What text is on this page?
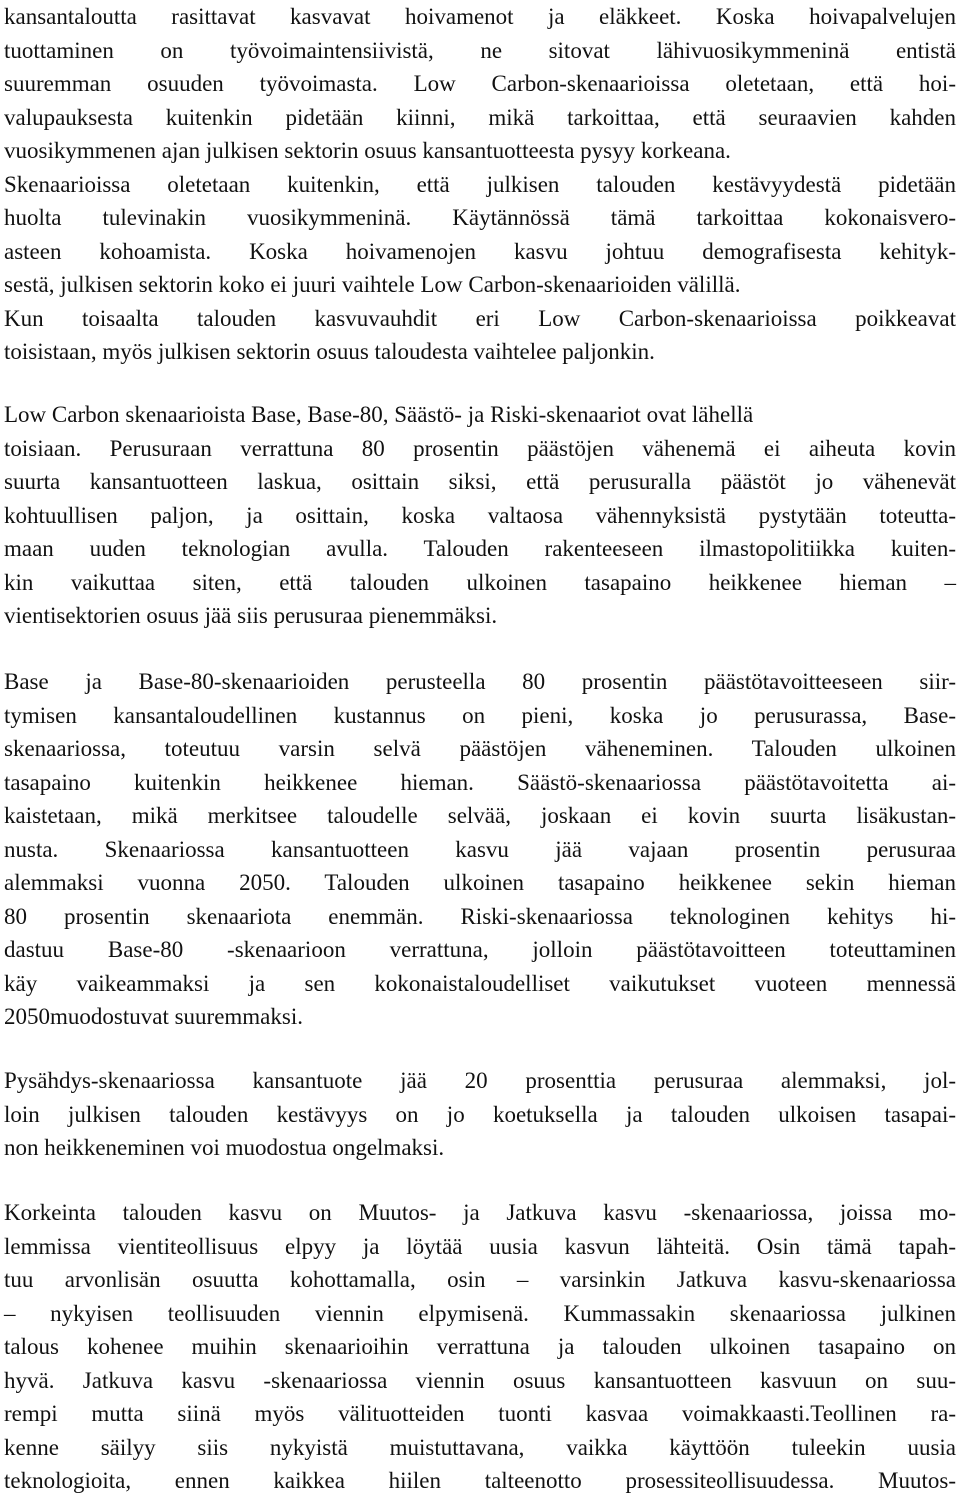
kansantaloutta rasittavat kasvavat hoivamenot ja eläkkeet. Koska hoivapalvelujen
tuottaminen on työvoimaintensiivistä, ne sitovat lähivuosikymmeninä entistä
suuremman osuuden työvoimasta. Low Carbon-skenaarioissa oletetaan, että hoi-
valupauksesta kuitenkin pidetään kiinni, mikä tarkoittaa, että seuraavien kahden
vuosikymmenen ajan julkisen sektorin osuus kansantuotteesta pysyy korkeana.
Skenaarioissa oletetaan kuitenkin, että julkisen talouden kestävyydestä pidetään
huolta tulevinakin vuosikymmeninä. Käytännössä tämä tarkoittaa kokonaisvero-
asteen kohoamista. Koska hoivamenojen kasvu johtuu demografisesta kehityk-
sestä, julkisen sektorin koko ei juuri vaihtele Low Carbon-skenaarioiden välillä.
Kun toisaalta talouden kasvuvauhdit eri Low Carbon-skenaarioissa poikkeavat
toisistaan, myös julkisen sektorin osuus taloudesta vaihtelee paljonkin.
Low Carbon skenaarioista Base, Base-80, Säästö- ja Riski-skenaariot ovat lähellä
toisiaan. Perusuraan verrattuna 80 prosentin päästöjen vähenemä ei aiheuta kovin
suurta kansantuotteen laskua, osittain siksi, että perusuralla päästöt jo vähenevät
kohtuullisen paljon, ja osittain, koska valtaosa vähennyksistä pystytään toteutta-
maan uuden teknologian avulla. Talouden rakenteeseen ilmastopolitiikka kuiten-
kin vaikuttaa siten, että talouden ulkoinen tasapaino heikkenee hieman –
vientisektorien osuus jää siis perusuraa pienemmäksi.
Base ja Base-80-skenaarioiden perusteella 80 prosentin päästötavoitteeseen siir-
tymisen kansantaloudellinen kustannus on pieni, koska jo perusurassa, Base-
skenaariossa, toteutuu varsin selvä päästöjen väheneminen. Talouden ulkoinen
tasapaino kuitenkin heikkenee hieman. Säästö-skenaariossa päästötavoitetta ai-
kaistetaan, mikä merkitsee taloudelle selvää, joskaan ei kovin suurta lisäkustan-
nusta. Skenaariossa kansantuotteen kasvu jää vajaan prosentin perusuraa
alemmaksi vuonna 2050. Talouden ulkoinen tasapaino heikkenee sekin hieman
80 prosentin skenaariota enemmän. Riski-skenaariossa teknologinen kehitys hi-
dastuu Base-80 -skenaarioon verrattuna, jolloin päästötavoitteen toteuttaminen
käy vaikeammaksi ja sen kokonaistaloudelliset vaikutukset vuoteen mennessä
2050muodostuvat suuremmaksi.
Pysähdys-skenaariossa kansantuote jää 20 prosenttia perusuraa alemmaksi, jol-
loin julkisen talouden kestävyys on jo koetuksella ja talouden ulkoisen tasapai-
non heikkeneminen voi muodostua ongelmaksi.
Korkeinta talouden kasvu on Muutos- ja Jatkuva kasvu -skenaariossa, joissa mo-
lemmissa vientiteollisuus elpyy ja löytää uusia kasvun lähteitä. Osin tämä tapah-
tuu arvonlisän osuutta kohottamalla, osin – varsinkin Jatkuva kasvu-skenaariossa
– nykyisen teollisuuden viennin elpymisenä. Kummassakin skenaariossa julkinen
talous kohenee muihin skenaarioihin verrattuna ja talouden ulkoinen tasapaino on
hyvä. Jatkuva kasvu -skenaariossa viennin osuus kansantuotteen kasvuun on suu-
rempi mutta siinä myös välituotteiden tuonti kasvaa voimakkaasti.Teollinen ra-
kenne säilyy siis nykyistä muistuttavana, vaikka käyttöön tuleekin uusia
teknologioita, ennen kaikkea hiilen talteenotto prosessiteollisuudessa. Muutos-
